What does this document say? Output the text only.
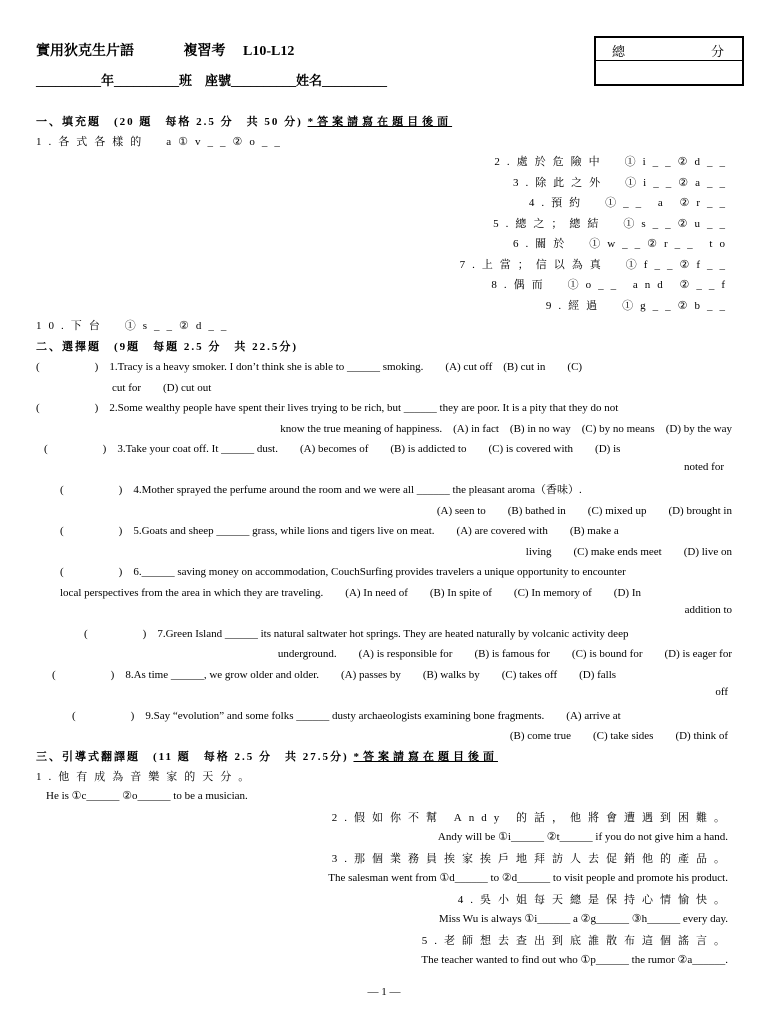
實用狄克生片語	複習考 L10-L12
__________年__________班　座號__________姓名__________
總	分
一、填充題　(20 題　每格 2.5 分　共 50 分) *答案請寫在題目後面
1.各式各樣的　a①v__②o__
2.處於危險中　①i__②d__
3.除此之外　①i__②a__
4.預約　①__ a ②r__
5.總之；總結　①s__②u__
6.關於　①w__②r__ to
7.上當；信以為真　①f__②f__
8.偶而　①o__ and ②__f
9.經過　①g__②b__
10.下台　①s__②d__
二、選擇題　(9題　每題 2.5 分　共 22.5分)
(　　　　　)　1.Tracy is a heavy smoker. I don’t think she is able to ______ smoking.　　(A) cut off　(B) cut in　　(C)
cut for　　(D) cut out
(　　　　　)　2.Some wealthy people have spent their lives trying to be rich, but ______ they are poor. It is a pity that they do not
know the true meaning of happiness.　(A) in fact　(B) in no way　(C) by no means　(D) by the way
(　　　　　)　3.Take your coat off. It ______ dust.　　(A) becomes of　　(B) is addicted to　　(C) is covered with　　(D) is
noted for
(　　　　　)　4.Mother sprayed the perfume around the room and we were all ______ the pleasant aroma（香味）.
(A) seen to　　(B) bathed in　　(C) mixed up　　(D) brought in
(　　　　　)　5.Goats and sheep ______ grass, while lions and tigers live on meat.　　(A) are covered with　　(B) make a
living　　(C) make ends meet　　(D) live on
(　　　　　)　6.______ saving money on accommodation, CouchSurfing provides travelers a unique opportunity to encounter
local perspectives from the area in which they are traveling.　　(A) In need of　　(B) In spite of　　(C) In memory of　　(D) In
addition to
(　　　　　)　7.Green Island ______ its natural saltwater hot springs. They are heated naturally by volcanic activity deep
underground.　　(A) is responsible for　　(B) is famous for　　(C) is bound for　　(D) is eager for
(　　　　　)　8.As time ______, we grow older and older.　　(A) passes by　　(B) walks by　　(C) takes off　　(D) falls
off
(　　　　　)　9.Say “evolution” and some folks ______ dusty archaeologists examining bone fragments.　　(A) arrive at
(B) come true　　(C) take sides　　(D) think of
三、引導式翻譯題　(11 題　每格 2.5 分　共 27.5分) *答案請寫在題目後面
1.他有成為音樂家的天分。
He is ①c______ ②o______ to be a musician.
2.假如你不幫 Andy 的話，他將會遭遇到困難。
Andy will be ①i______ ②t______ if you do not give him a hand.
3.那個業務員挨家挨戶地拜訪人去促銷他的產品。
The salesman went from ①d______ to ②d______ to visit people and promote his product.
4.吳小姐每天總是保持心情愉快。
Miss Wu is always ①i______ a ②g______ ③h______ every day.
5.老師想去查出到底誰散布這個謠言。
The teacher wanted to find out who ①p______ the rumor ②a______.
— 1 —
